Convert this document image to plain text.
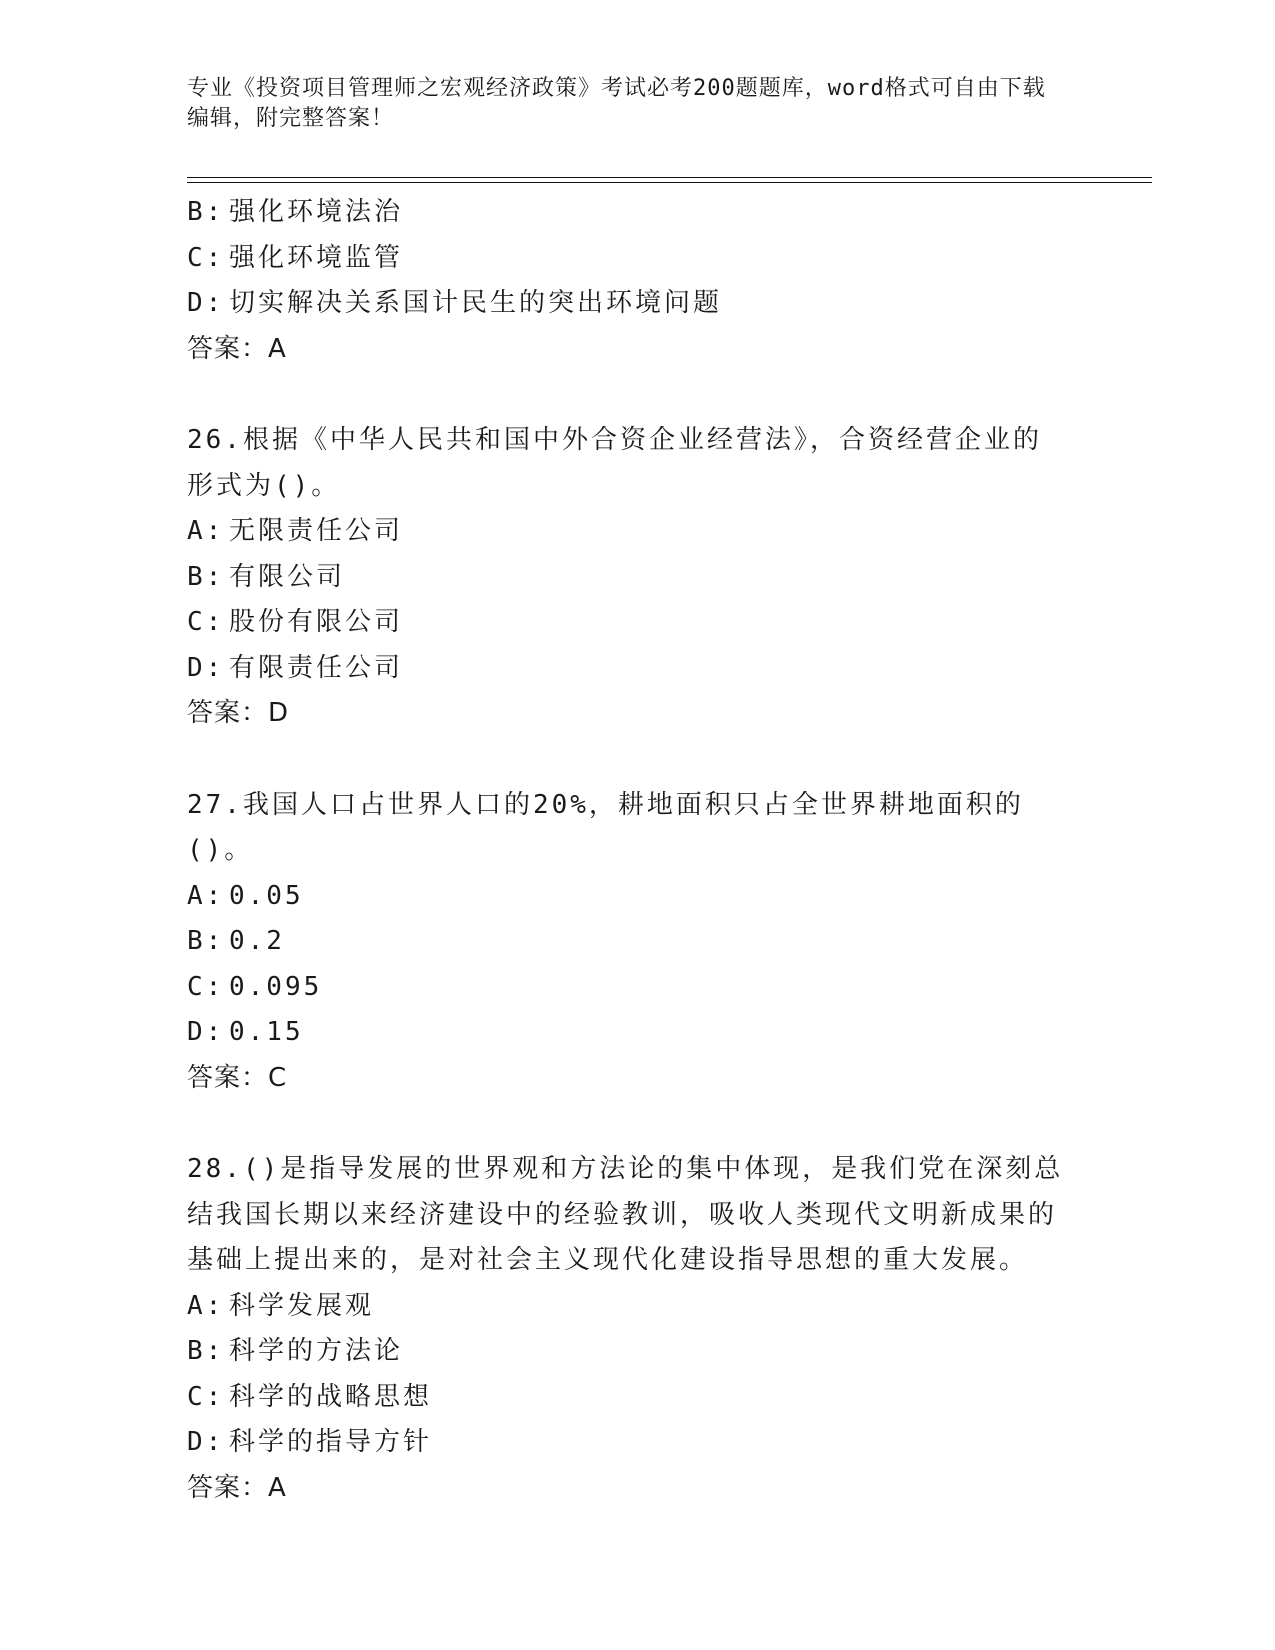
专业《投资项目管理师之宏观经济政策》考试必考200题题库，word格式可自由下载编辑，附完整答案！
B: 强化环境法治
C: 强化环境监管
D: 切实解决关系国计民生的突出环境问题
答案：A
26.根据《中华人民共和国中外合资企业经营法》，合资经营企业的形式为()。
A: 无限责任公司
B: 有限公司
C: 股份有限公司
D: 有限责任公司
答案：D
27.我国人口占世界人口的20%，耕地面积只占全世界耕地面积的()。
A: 0.05
B: 0.2
C: 0.095
D: 0.15
答案：C
28.()是指导发展的世界观和方法论的集中体现，是我们党在深刻总结我国长期以来经济建设中的经验教训，吸收人类现代文明新成果的基础上提出来的，是对社会主义现代化建设指导思想的重大发展。
A: 科学发展观
B: 科学的方法论
C: 科学的战略思想
D: 科学的指导方针
答案：A
